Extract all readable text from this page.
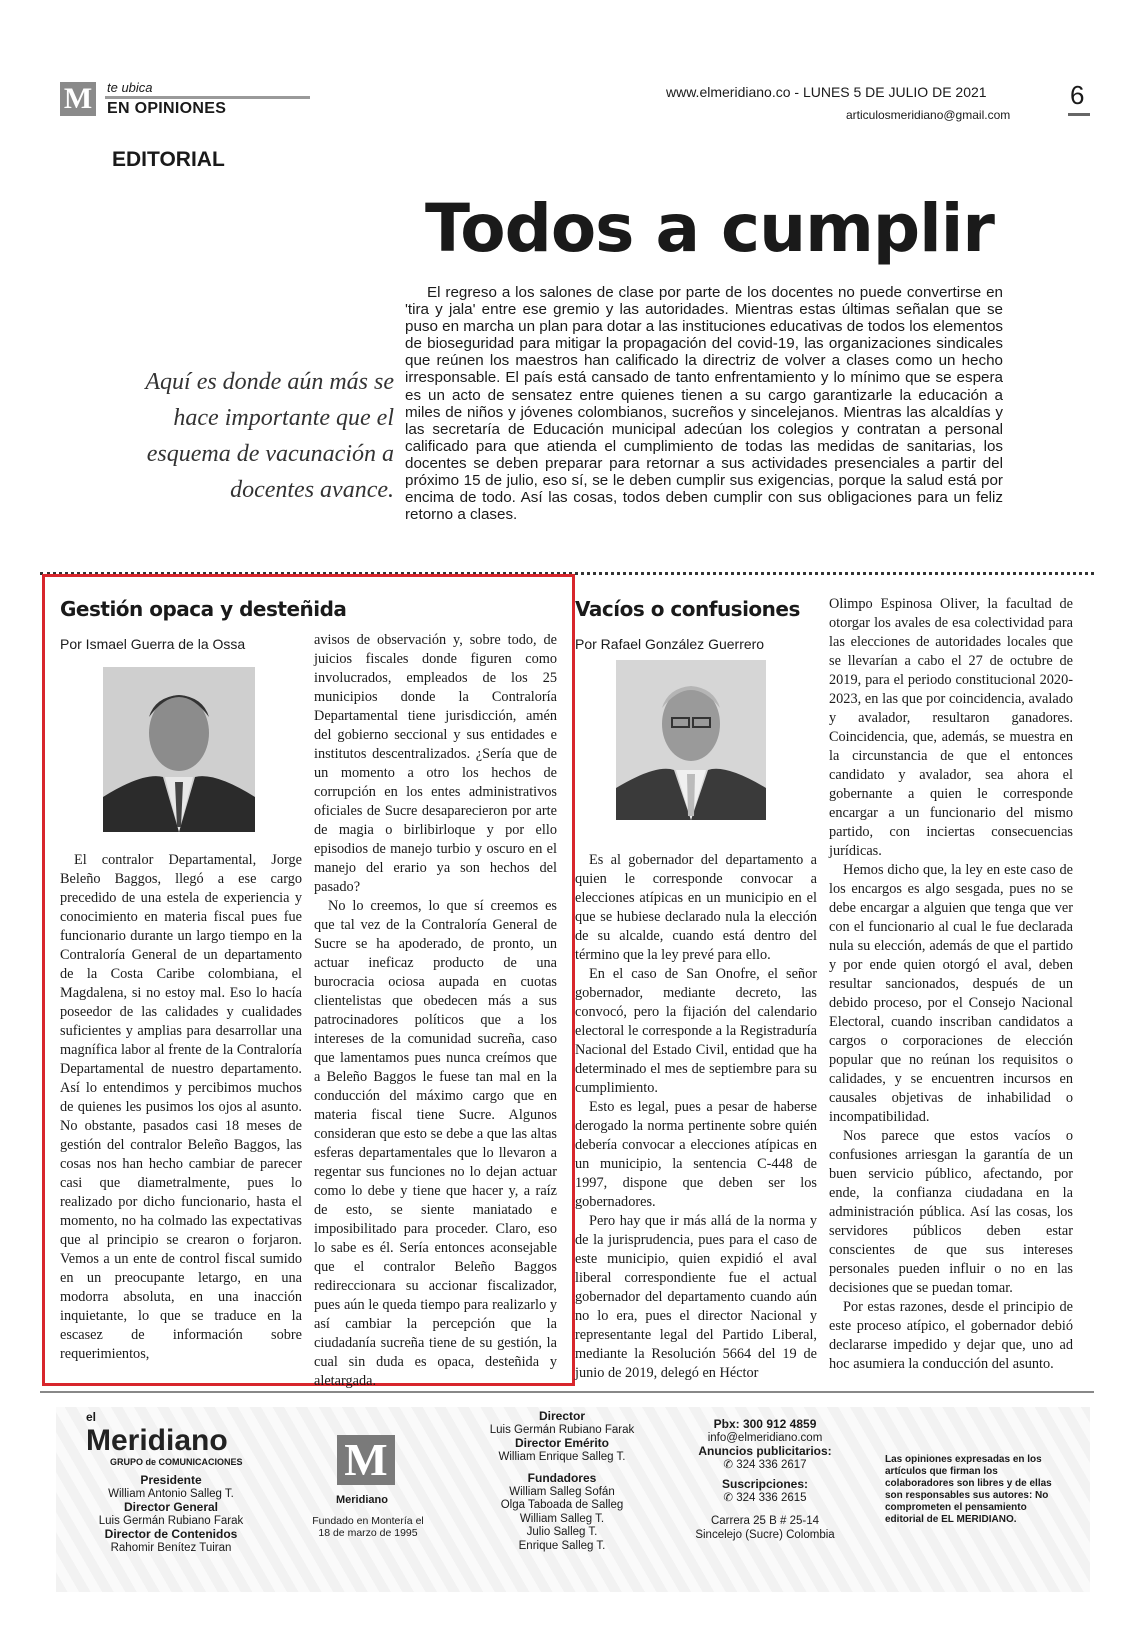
M te ubica
EN OPINIONES
www.elmeridiano.co - LUNES 5 DE JULIO DE 2021
articulosmeridiano@gmail.com
6
EDITORIAL
Todos a cumplir
El regreso a los salones de clase por parte de los docentes no puede convertirse en 'tira y jala' entre ese gremio y las autoridades. Mientras estas últimas señalan que se puso en marcha un plan para dotar a las instituciones educativas de todos los elementos de bioseguridad para mitigar la propagación del covid-19, las organizaciones sindicales que reúnen los maestros han calificado la directriz de volver a clases como un hecho irresponsable. El país está cansado de tanto enfrentamiento y lo mínimo que se espera es un acto de sensatez entre quienes tienen a su cargo garantizarle la educación a miles de niños y jóvenes colombianos, sucreños y sincelejanos. Mientras las alcaldías y las secretaría de Educación municipal adecúan los colegios y contratan a personal calificado para que atienda el cumplimiento de todas las medidas de sanitarias, los docentes se deben preparar para retornar a sus actividades presenciales a partir del próximo 15 de julio, eso sí, se le deben cumplir sus exigencias, porque la salud está por encima de todo. Así las cosas, todos deben cumplir con sus obligaciones para un feliz retorno a clases.
Aquí es donde aún más se hace importante que el esquema de vacunación a docentes avance.
Gestión opaca y desteñida
Por Ismael Guerra de la Ossa

El contralor Departamental, Jorge Beleño Baggos, llegó a ese cargo precedido de una estela de experiencia y conocimiento en materia fiscal pues fue funcionario durante un largo tiempo en la Contraloría General de un departamento de la Costa Caribe colombiana, el Magdalena, si no estoy mal. Eso lo hacía poseedor de las calidades y cualidades suficientes y amplias para desarrollar una magnífica labor al frente de la Contraloría Departamental de nuestro departamento. Así lo entendimos y percibimos muchos de quienes les pusimos los ojos al asunto. No obstante, pasados casi 18 meses de gestión del contralor Beleño Baggos, las cosas nos han hecho cambiar de parecer casi que diametralmente, pues lo realizado por dicho funcionario, hasta el momento, no ha colmado las expectativas que al principio se crearon o forjaron. Vemos a un ente de control fiscal sumido en un preocupante letargo, en una modorra absoluta, en una inacción inquietante, lo que se traduce en la escasez de información sobre requerimientos,

avisos de observación y, sobre todo, de juicios fiscales donde figuren como involucrados, empleados de los 25 municipios donde la Contraloría Departamental tiene jurisdicción, amén del gobierno seccional y sus entidades e institutos descentralizados. ¿Sería que de un momento a otro los hechos de corrupción en los entes administrativos oficiales de Sucre desaparecieron por arte de magia o birlibirloque y por ello episodios de manejo turbio y oscuro en el manejo del erario ya son hechos del pasado?

No lo creemos, lo que sí creemos es que tal vez de la Contraloría General de Sucre se ha apoderado, de pronto, un actuar ineficaz producto de una burocracia ociosa aupada en cuotas clientelistas que obedecen más a sus patrocinadores políticos que a los intereses de la comunidad sucreña, caso que lamentamos pues nunca creímos que a Beleño Baggos le fuese tan mal en la conducción del máximo cargo que en materia fiscal tiene Sucre. Algunos consideran que esto se debe a que las altas esferas departamentales que lo llevaron a regentar sus funciones no lo dejan actuar como lo debe y tiene que hacer y, a raíz de esto, se siente maniatado e imposibilitado para proceder. Claro, eso lo sabe es él. Sería entonces aconsejable que el contralor Beleño Baggos redireccionara su accionar fiscalizador, pues aún le queda tiempo para realizarlo y así cambiar la percepción que la ciudadanía sucreña tiene de su gestión, la cual sin duda es opaca, desteñida y aletargada.

Vacíos o confusiones
Por Rafael González Guerrero

Es al gobernador del departamento a quien le corresponde convocar a elecciones atípicas en un municipio en el que se hubiese declarado nula la elección de su alcalde, cuando está dentro del término que la ley prevé para ello.

En el caso de San Onofre, el señor gobernador, mediante decreto, las convocó, pero la fijación del calendario electoral le corresponde a la Registraduría Nacional del Estado Civil, entidad que ha determinado el mes de septiembre para su cumplimiento.

Esto es legal, pues a pesar de haberse derogado la norma pertinente sobre quién debería convocar a elecciones atípicas en un municipio, la sentencia C-448 de 1997, dispone que deben ser los gobernadores.

Pero hay que ir más allá de la norma y de la jurisprudencia, pues para el caso de este municipio, quien expidió el aval liberal correspondiente fue el actual gobernador del departamento cuando aún no lo era, pues el director Nacional y representante legal del Partido Liberal, mediante la Resolución 5664 del 19 de junio de 2019, delegó en Héctor

Olimpo Espinosa Oliver, la facultad de otorgar los avales de esa colectividad para las elecciones de autoridades locales que se llevarían a cabo el 27 de octubre de 2019, para el periodo constitucional 2020-2023, en las que por coincidencia, avalado y avalador, resultaron ganadores. Coincidencia, que, además, se muestra en la circunstancia de que el entonces candidato y avalador, sea ahora el gobernante a quien le corresponde encargar a un funcionario del mismo partido, con inciertas consecuencias jurídicas.

Hemos dicho que, la ley en este caso de los encargos es algo sesgada, pues no se debe encargar a alguien que tenga que ver con el funcionario al cual le fue declarada nula su elección, además de que el partido y por ende quien otorgó el aval, deben resultar sancionados, después de un debido proceso, por el Consejo Nacional Electoral, cuando inscriban candidatos a cargos o corporaciones de elección popular que no reúnan los requisitos o calidades, y se encuentren incursos en causales objetivas de inhabilidad o incompatibilidad.

Nos parece que estos vacíos o confusiones arriesgan la garantía de un buen servicio público, afectando, por ende, la confianza ciudadana en la administración pública. Así las cosas, los servidores públicos deben estar conscientes de que sus intereses personales pueden influir o no en las decisiones que se puedan tomar.

Por estas razones, desde el principio de este proceso atípico, el gobernador debió declararse impedido y dejar que, uno ad hoc asumiera la conducción del asunto.

el
Meridiano
GRUPO de COMUNICACIONES
Presidente
William Antonio Salleg T.
Director General
Luis Germán Rubiano Farak
Director de Contenidos
Rahomir Benítez Tuiran
M
Meridiano
Fundado en Montería el 18 de marzo de 1995
Director
Luis Germán Rubiano Farak
Director Emérito
William Enrique Salleg T.
Fundadores
William Salleg Sofán
Olga Taboada de Salleg
William Salleg T.
Julio Salleg T.
Enrique Salleg T.
Pbx: 300 912 4859
info@elmeridiano.com
Anuncios publicitarios:
✆ 324 336 2617
Suscripciones:
✆ 324 336 2615
Carrera 25 B # 25-14
Sincelejo (Sucre) Colombia
Las opiniones expresadas en los artículos que firman los colaboradores son libres y de ellas son responsables sus autores: No comprometen el pensamiento editorial de EL MERIDIANO.
